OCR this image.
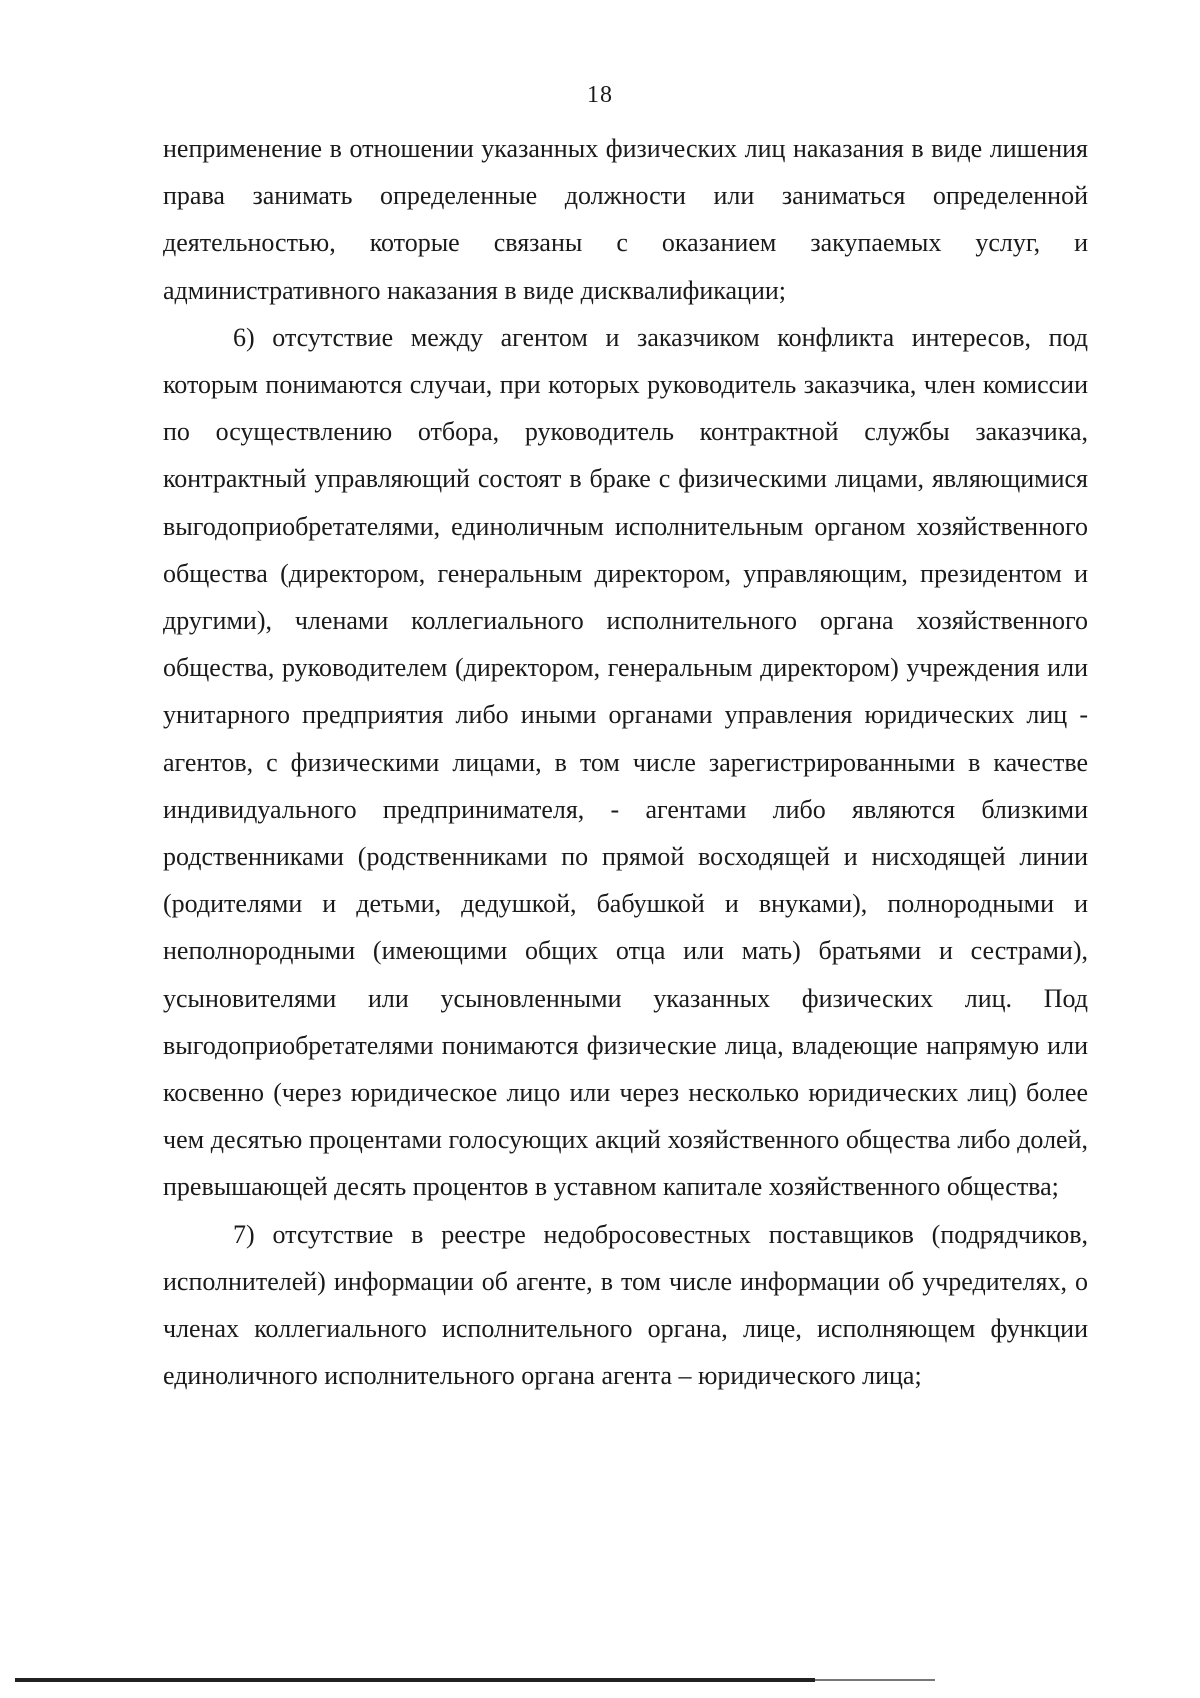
18

неприменение в отношении указанных физических лиц наказания в виде лишения права занимать определенные должности или заниматься определенной деятельностью, которые связаны с оказанием закупаемых услуг, и административного наказания в виде дисквалификации;

6) отсутствие между агентом и заказчиком конфликта интересов, под которым понимаются случаи, при которых руководитель заказчика, член комиссии по осуществлению отбора, руководитель контрактной службы заказчика, контрактный управляющий состоят в браке с физическими лицами, являющимися выгодоприобретателями, единоличным исполнительным органом хозяйственного общества (директором, генеральным директором, управляющим, президентом и другими), членами коллегиального исполнительного органа хозяйственного общества, руководителем (директором, генеральным директором) учреждения или унитарного предприятия либо иными органами управления юридических лиц - агентов, с физическими лицами, в том числе зарегистрированными в качестве индивидуального предпринимателя, - агентами либо являются близкими родственниками (родственниками по прямой восходящей и нисходящей линии (родителями и детьми, дедушкой, бабушкой и внуками), полнородными и неполнородными (имеющими общих отца или мать) братьями и сестрами), усыновителями или усыновленными указанных физических лиц. Под выгодоприобретателями понимаются физические лица, владеющие напрямую или косвенно (через юридическое лицо или через несколько юридических лиц) более чем десятью процентами голосующих акций хозяйственного общества либо долей, превышающей десять процентов в уставном капитале хозяйственного общества;

7) отсутствие в реестре недобросовестных поставщиков (подрядчиков, исполнителей) информации об агенте, в том числе информации об учредителях, о членах коллегиального исполнительного органа, лице, исполняющем функции единоличного исполнительного органа агента – юридического лица;
